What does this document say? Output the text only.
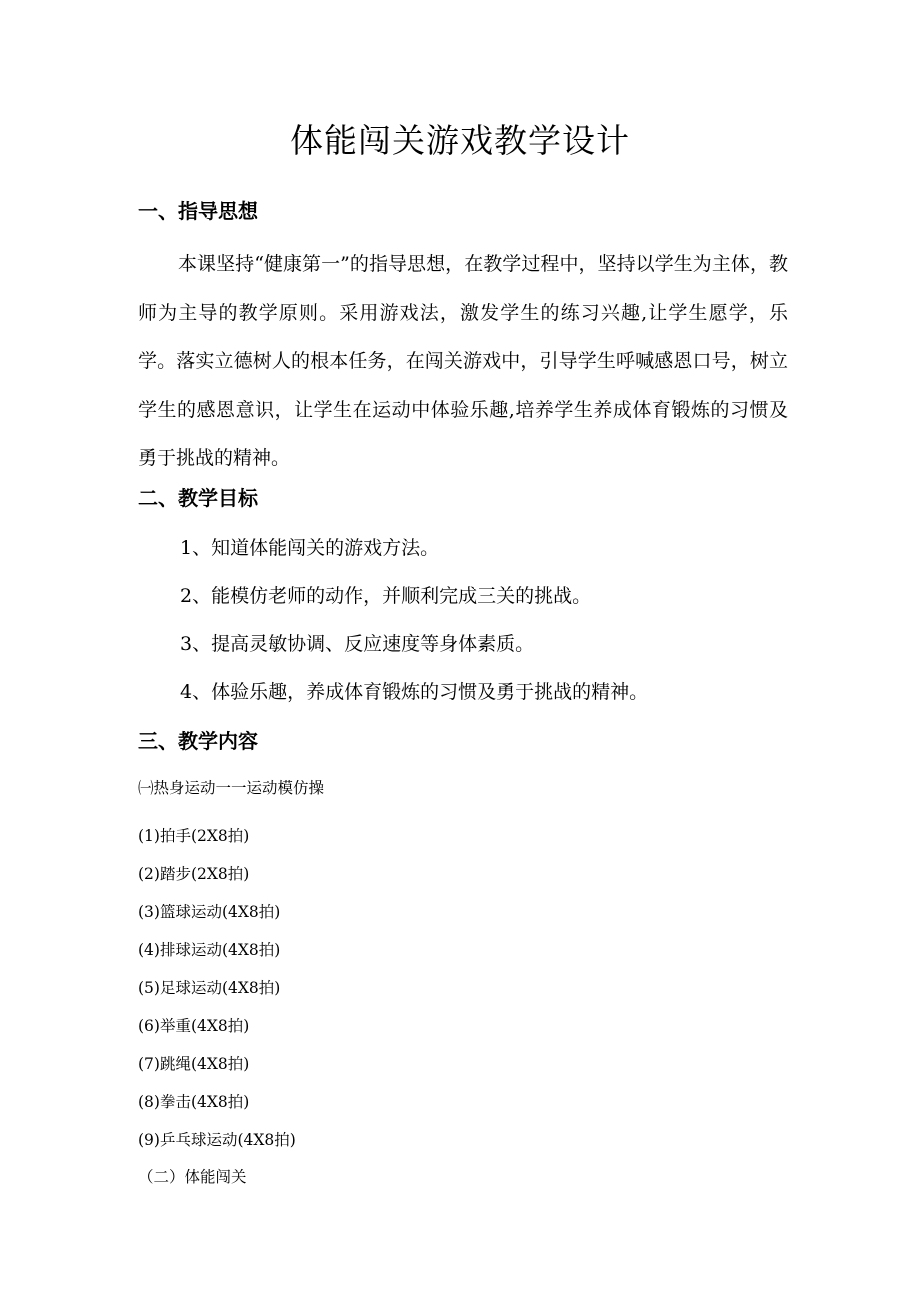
体能闯关游戏教学设计
一、指导思想

本课坚持“健康第一”的指导思想，在教学过程中，坚持以学生为主体，教师为主导的教学原则。采用游戏法，激发学生的练习兴趣,让学生愿学，乐学。落实立德树人的根本任务，在闯关游戏中，引导学生呼喊感恩口号，树立学生的感恩意识，让学生在运动中体验乐趣,培养学生养成体育锻炼的习惯及勇于挑战的精神。

二、教学目标
1、知道体能闯关的游戏方法。
2、能模仿老师的动作，并顺利完成三关的挑战。
3、提高灵敏协调、反应速度等身体素质。
4、体验乐趣，养成体育锻炼的习惯及勇于挑战的精神。
三、教学内容
㈠热身运动一一运动模仿操
(1)拍手(2X8拍)
(2)踏步(2X8拍)
(3)篮球运动(4X8拍)
(4)排球运动(4X8拍)
(5)足球运动(4X8拍)
(6)举重(4X8拍)
(7)跳绳(4X8拍)
(8)拳击(4X8拍)
(9)乒乓球运动(4X8拍)
（二）体能闯关
